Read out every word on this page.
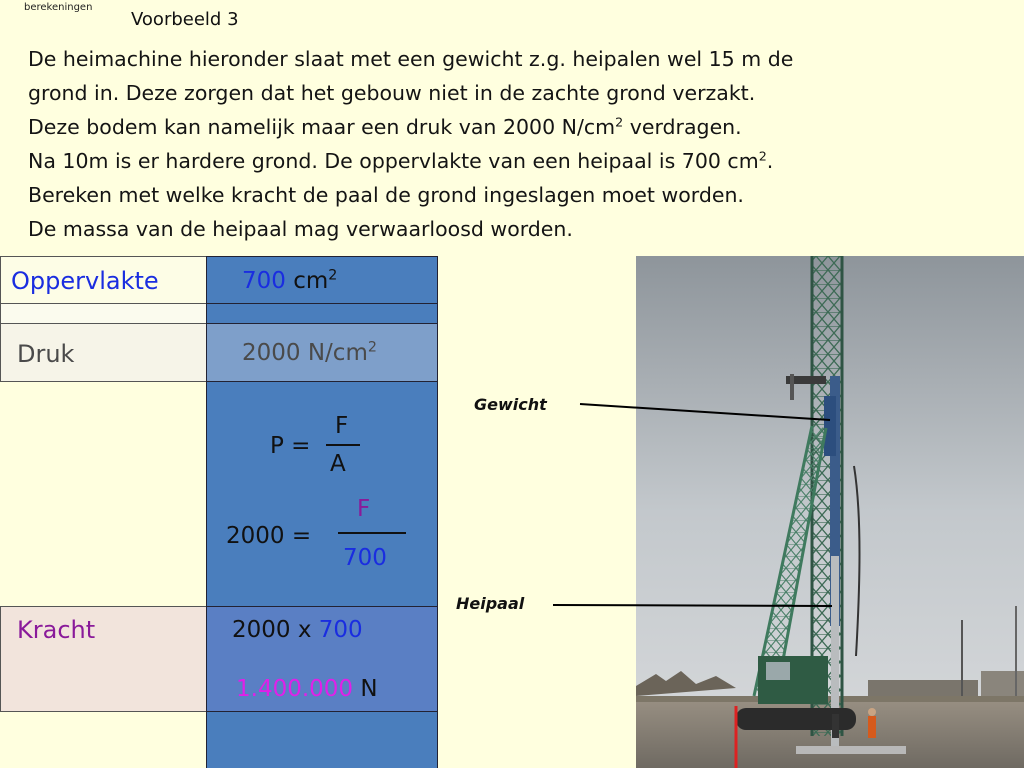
berekeningen
Voorbeeld 3
De heimachine hieronder slaat met een gewicht z.g. heipalen wel 15 m de
grond in. Deze zorgen dat het gebouw niet in de zachte grond verzakt.
Deze bodem kan namelijk maar een druk van 2000 $N/cm^2$ verdragen.
Na 10m is er hardere grond. De oppervlakte van een heipaal is 700 $cm^2$.
Bereken met welke kracht de paal de grond ingeslagen moet worden.
De massa van de heipaal mag verwaarloosd worden.
Oppervlakte
Druk
Kracht
700 $cm^2$
2000 $N/cm^2$
P =
F
A
2000 =
F
700
2000 x 700
1.400.000 N
Gewicht
Heipaal
